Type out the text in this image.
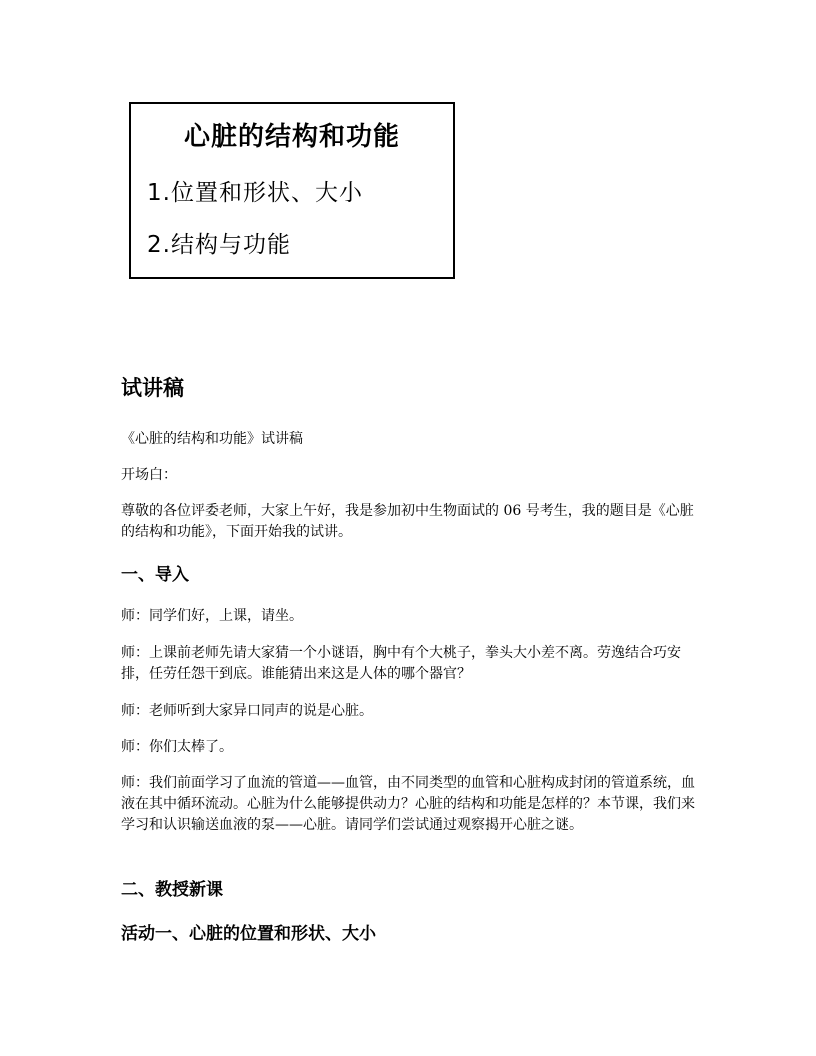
心脏的结构和功能
1.位置和形状、大小
2.结构与功能
试讲稿

《心脏的结构和功能》试讲稿

开场白：

尊敬的各位评委老师，大家上午好，我是参加初中生物面试的 06 号考生，我的题目是《心脏的结构和功能》，下面开始我的试讲。

一、导入

师：同学们好，上课，请坐。

师：上课前老师先请大家猜一个小谜语，胸中有个大桃子，拳头大小差不离。劳逸结合巧安排，任劳任怨干到底。谁能猜出来这是人体的哪个器官？

师：老师听到大家异口同声的说是心脏。

师：你们太棒了。

师：我们前面学习了血流的管道——血管，由不同类型的血管和心脏构成封闭的管道系统，血液在其中循环流动。心脏为什么能够提供动力？心脏的结构和功能是怎样的？本节课，我们来学习和认识输送血液的泵——心脏。请同学们尝试通过观察揭开心脏之谜。

二、教授新课
活动一、心脏的位置和形状、大小
